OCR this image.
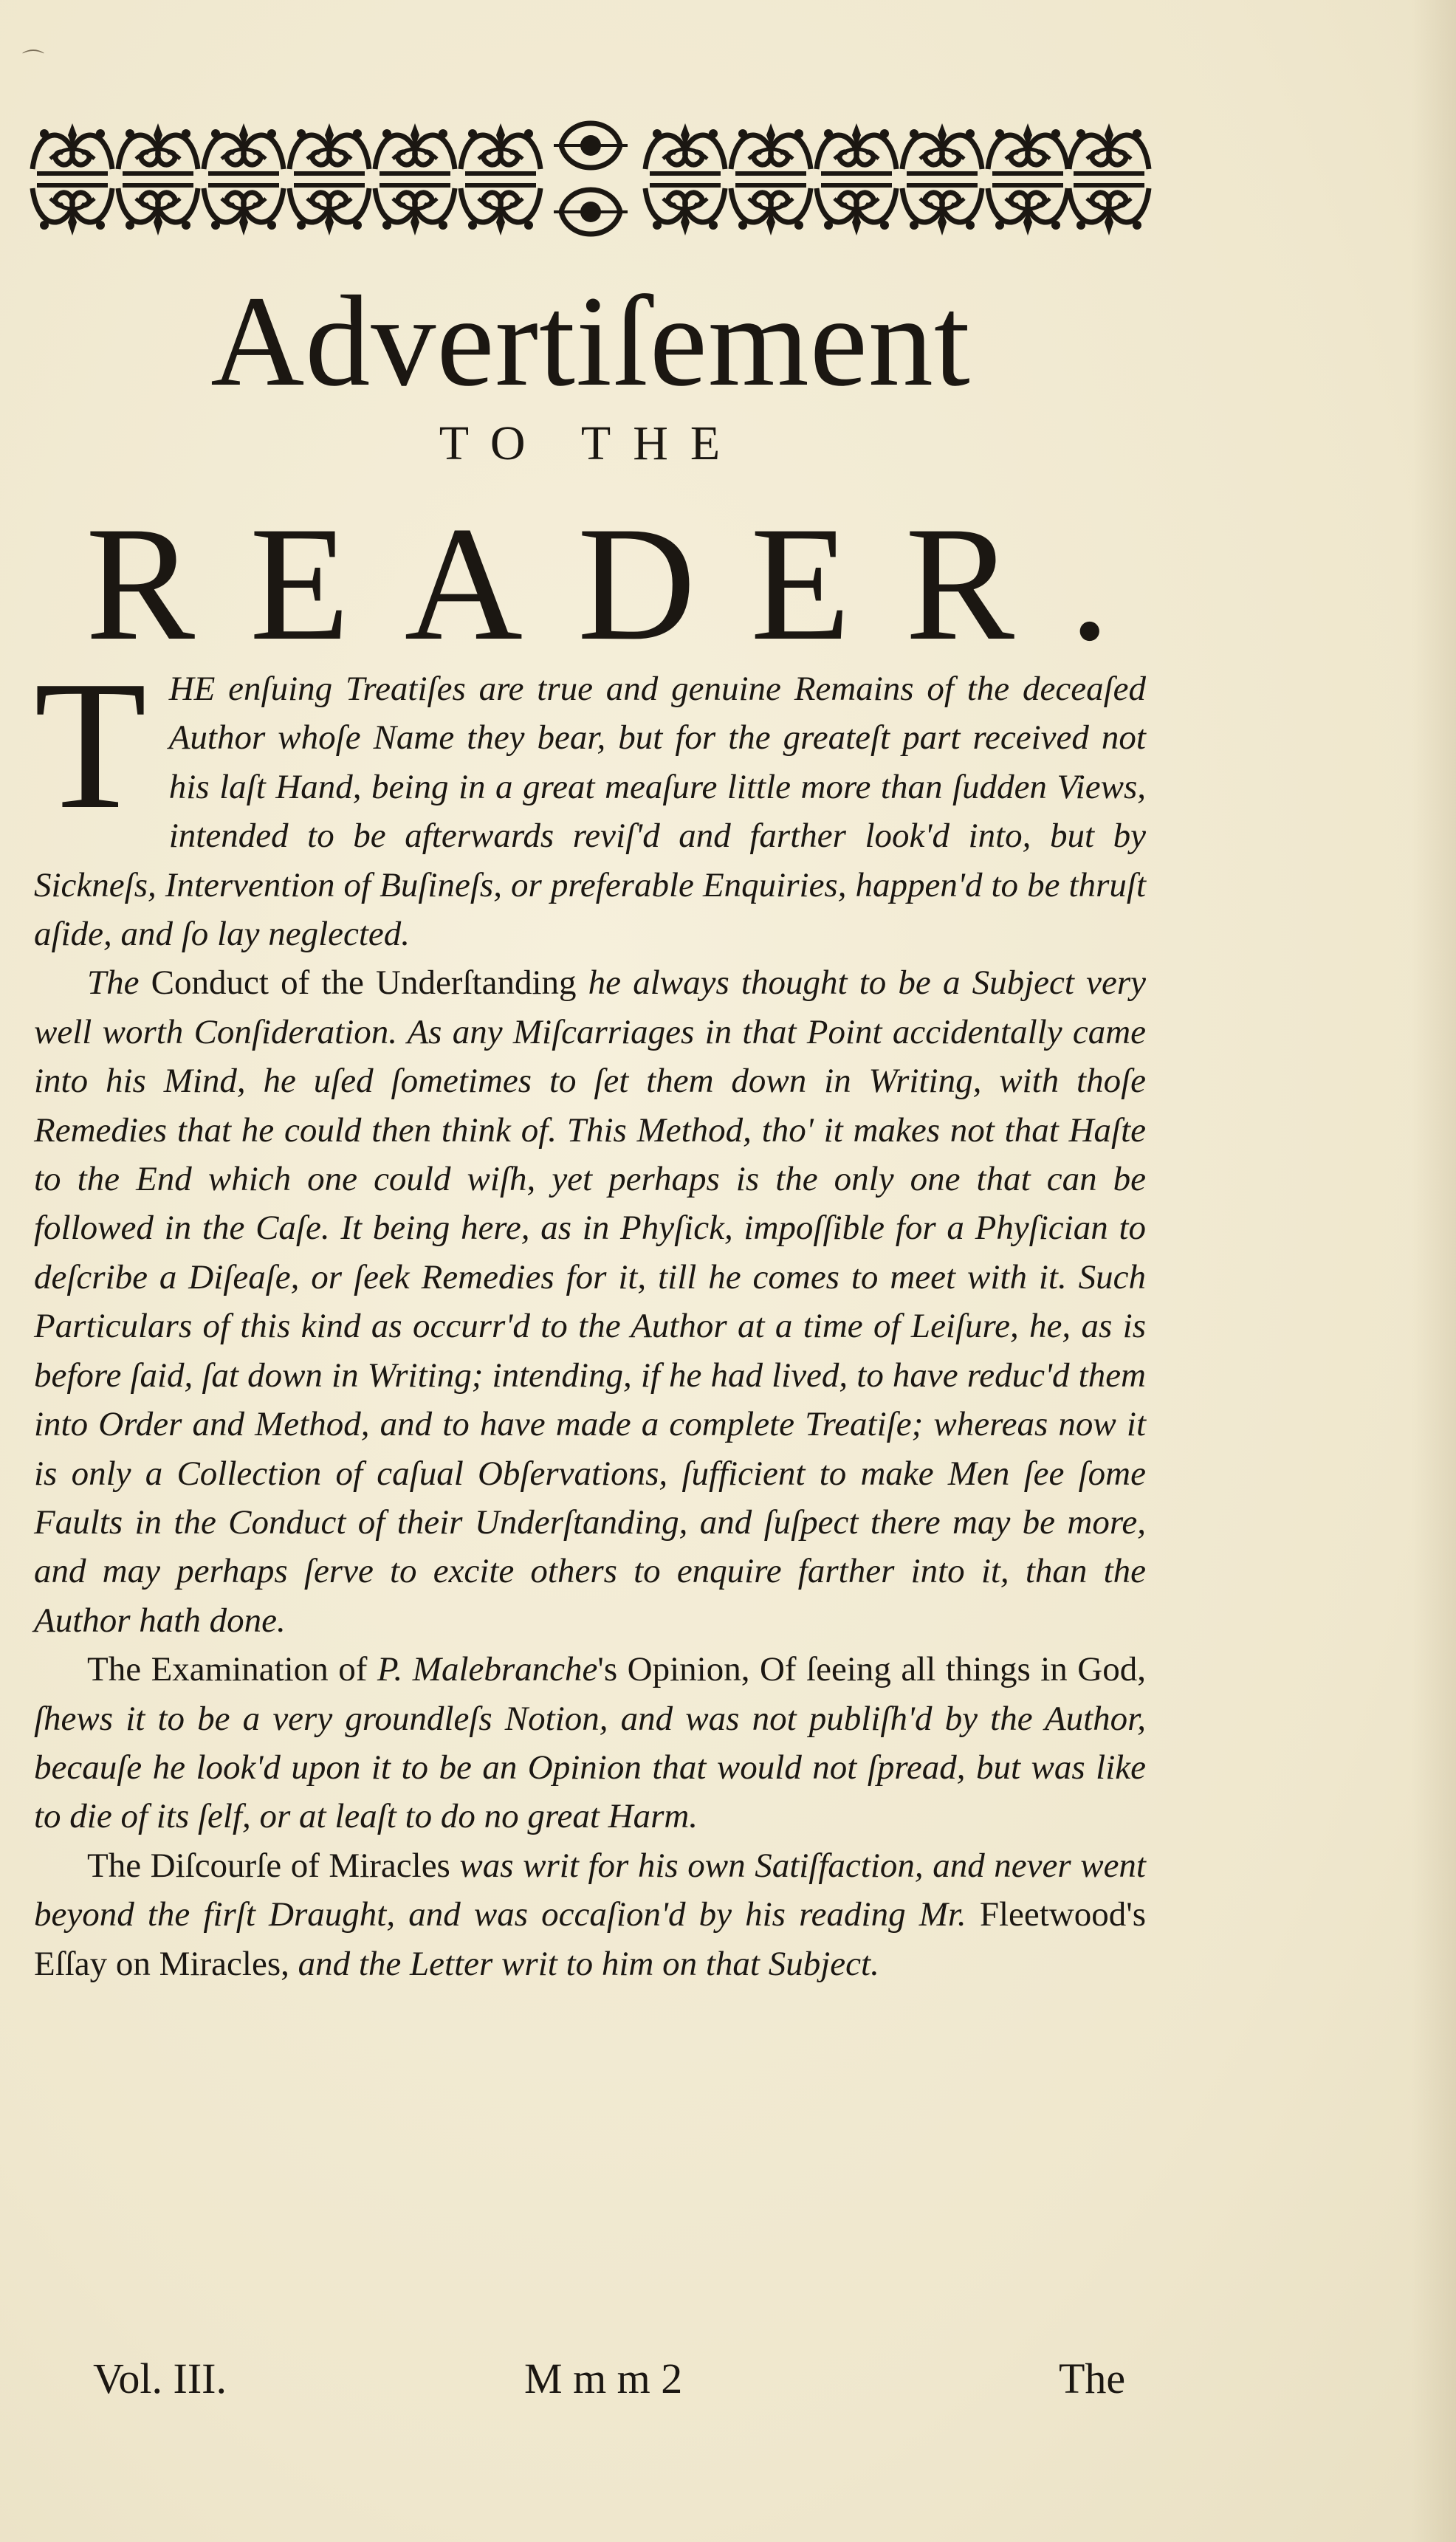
⌒
Advertiſement
TO THE
READER.

T HE enſuing Treatiſes are true and genuine Remains of the deceaſed Author whoſe Name they bear, but for the greateſt part received not his laſt Hand, being in a great meaſure little more than ſudden Views, intended to be afterwards reviſ'd and farther look'd into, but by Sickneſs, Intervention of Buſineſs, or preferable Enquiries, happen'd to be thruſt aſide, and ſo lay neglected.

The Conduct of the Underſtanding he always thought to be a Subject very well worth Conſideration. As any Miſcarriages in that Point accidentally came into his Mind, he uſed ſometimes to ſet them down in Writing, with thoſe Remedies that he could then think of. This Method, tho' it makes not that Haſte to the End which one could wiſh, yet perhaps is the only one that can be followed in the Caſe. It being here, as in Phyſick, impoſſible for a Phyſician to deſcribe a Diſeaſe, or ſeek Remedies for it, till he comes to meet with it. Such Particulars of this kind as occurr'd to the Author at a time of Leiſure, he, as is before ſaid, ſat down in Writing; intending, if he had lived, to have reduc'd them into Order and Method, and to have made a complete Treatiſe; whereas now it is only a Collection of caſual Obſervations, ſufficient to make Men ſee ſome Faults in the Conduct of their Underſtanding, and ſuſpect there may be more, and may perhaps ſerve to excite others to enquire farther into it, than the Author hath done.

The Examination of P. Malebranche's Opinion, Of ſeeing all things in God, ſhews it to be a very groundleſs Notion, and was not publiſh'd by the Author, becauſe he look'd upon it to be an Opinion that would not ſpread, but was like to die of its ſelf, or at leaſt to do no great Harm.

The Diſcourſe of Miracles was writ for his own Satiſfaction, and never went beyond the firſt Draught, and was occaſion'd by his reading Mr. Fleetwood's Eſſay on Miracles, and the Letter writ to him on that Subject.

Vol. III.	M m m 2	The
